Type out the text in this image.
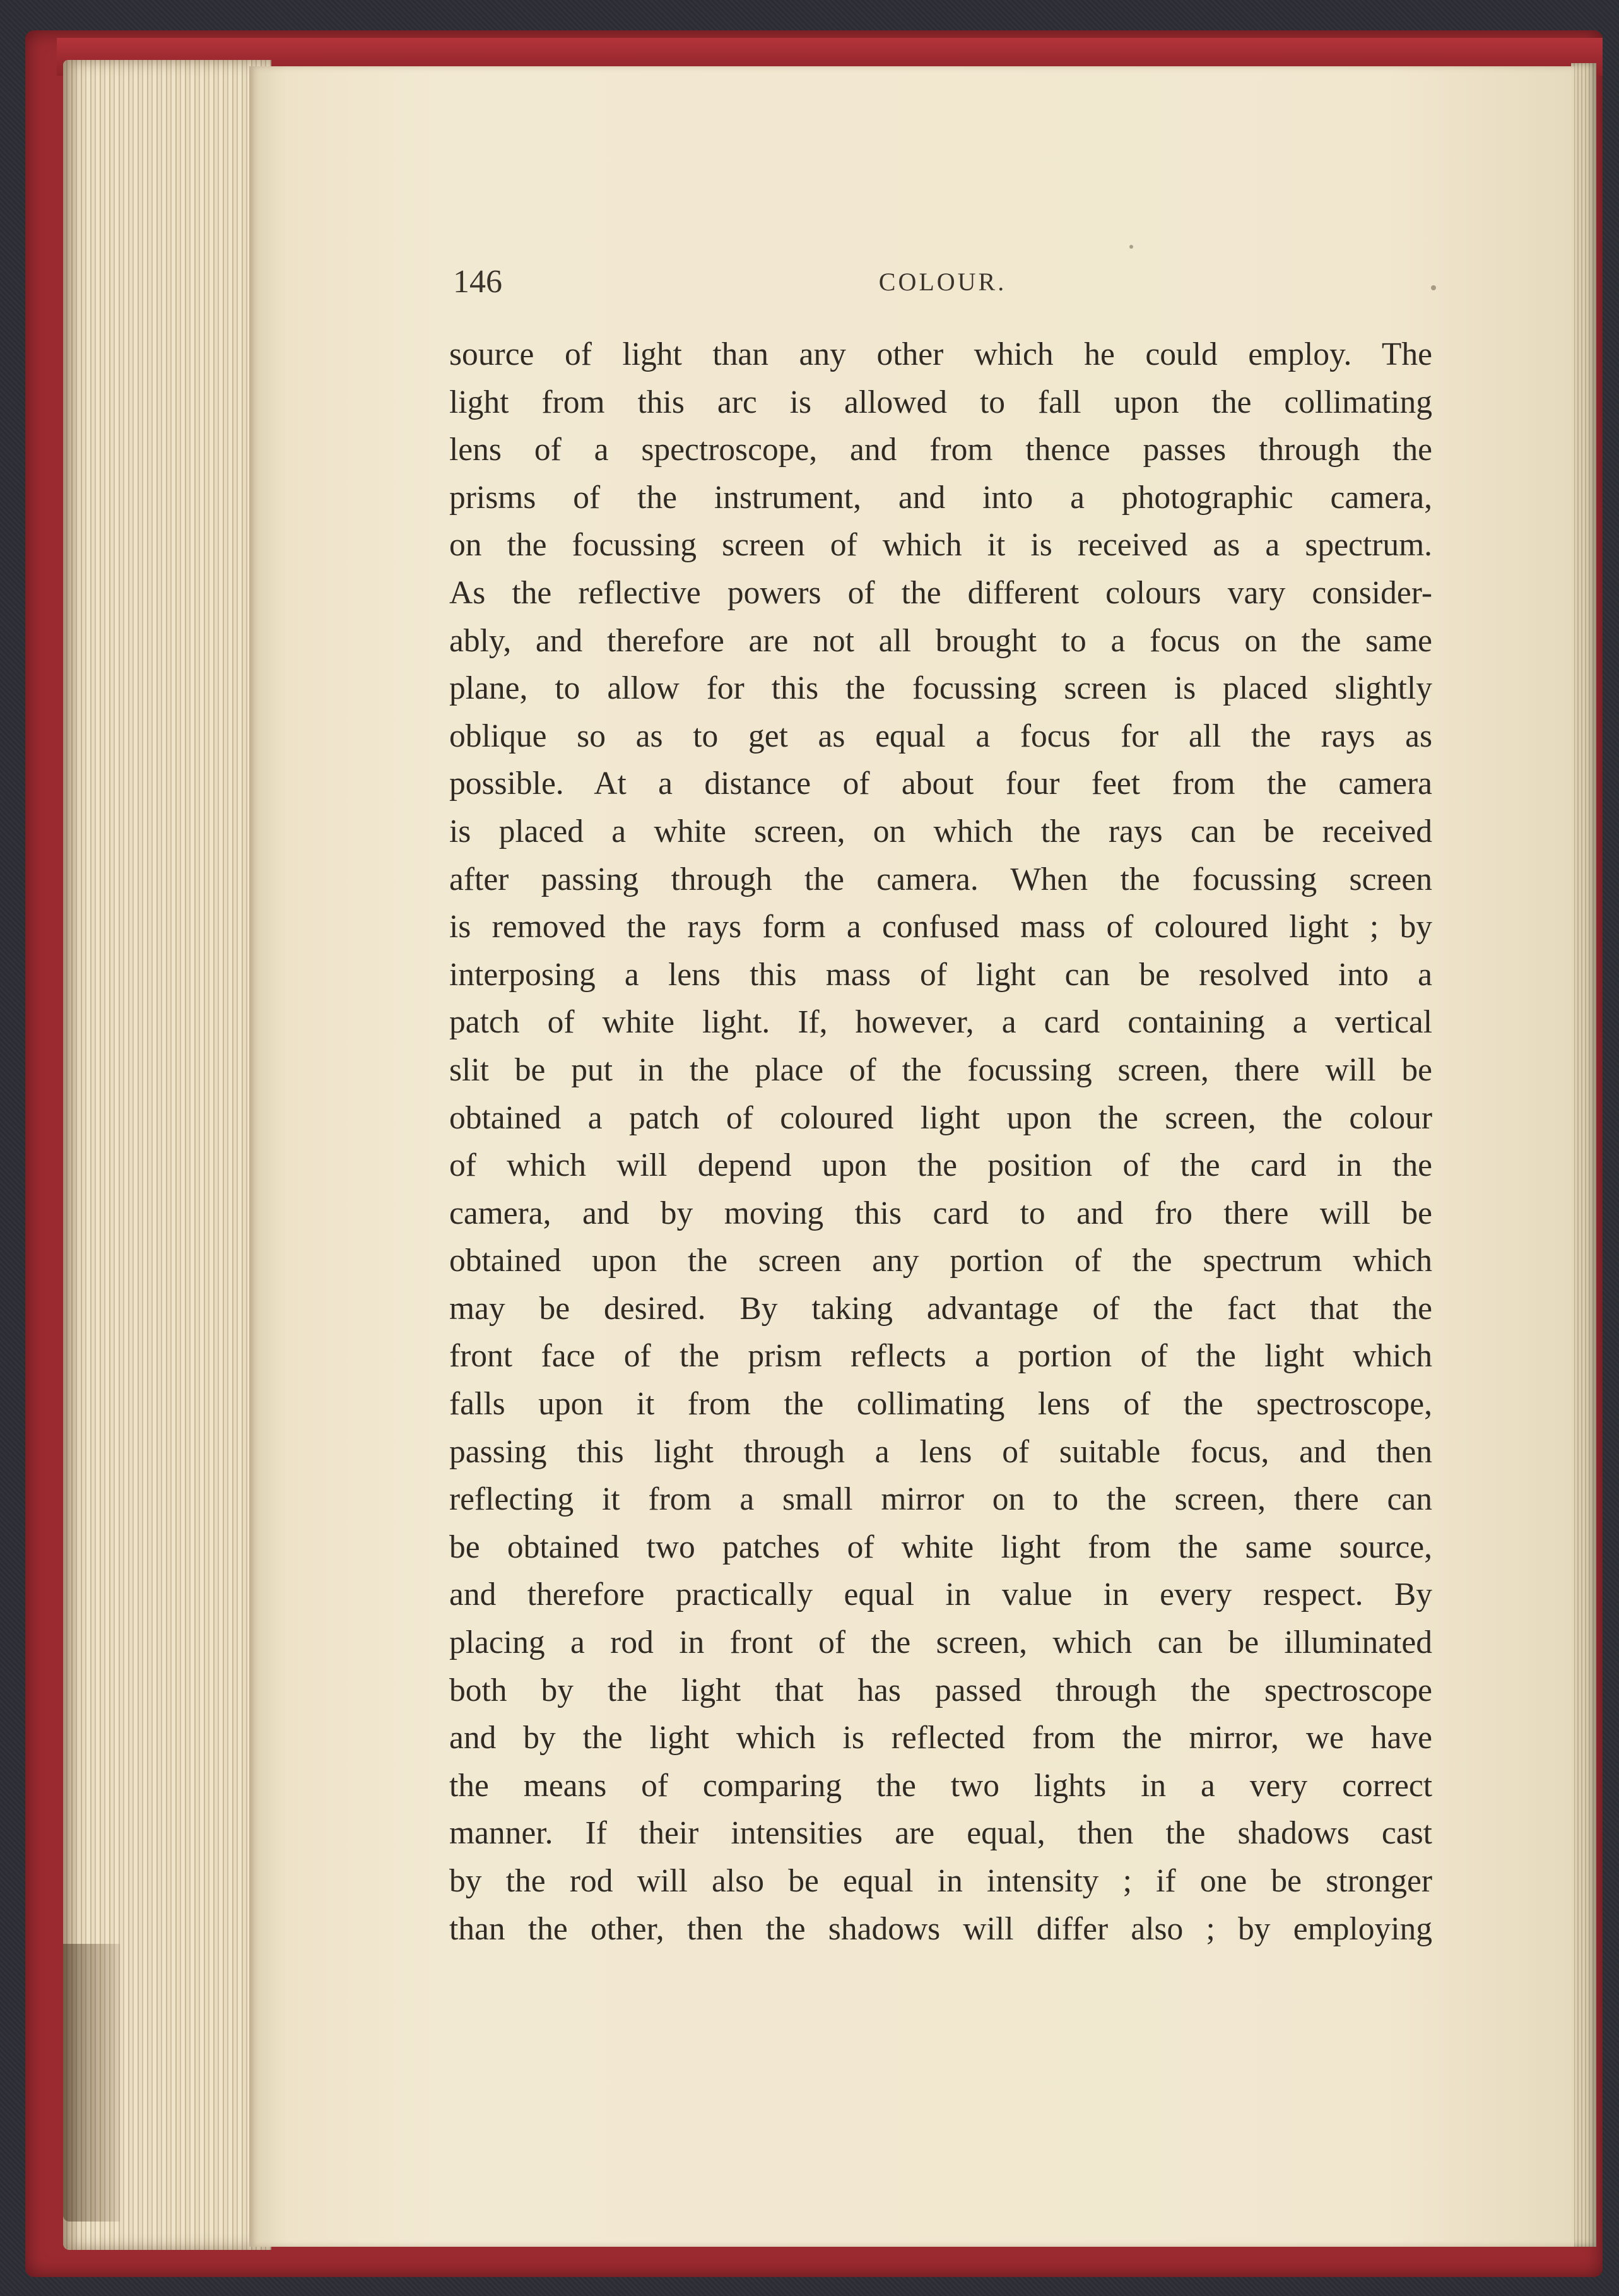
146	COLOUR.
source of light than any other which he could employ. The
light from this arc is allowed to fall upon the collimating
lens of a spectroscope, and from thence passes through the
prisms of the instrument, and into a photographic camera,
on the focussing screen of which it is received as a spectrum.
As the reflective powers of the different colours vary consider-
ably, and therefore are not all brought to a focus on the same
plane, to allow for this the focussing screen is placed slightly
oblique so as to get as equal a focus for all the rays as
possible. At a distance of about four feet from the camera
is placed a white screen, on which the rays can be received
after passing through the camera. When the focussing screen
is removed the rays form a confused mass of coloured light ; by
interposing a lens this mass of light can be resolved into a
patch of white light. If, however, a card containing a vertical
slit be put in the place of the focussing screen, there will be
obtained a patch of coloured light upon the screen, the colour
of which will depend upon the position of the card in the
camera, and by moving this card to and fro there will be
obtained upon the screen any portion of the spectrum which
may be desired. By taking advantage of the fact that the
front face of the prism reflects a portion of the light which
falls upon it from the collimating lens of the spectroscope,
passing this light through a lens of suitable focus, and then
reflecting it from a small mirror on to the screen, there can
be obtained two patches of white light from the same source,
and therefore practically equal in value in every respect. By
placing a rod in front of the screen, which can be illuminated
both by the light that has passed through the spectroscope
and by the light which is reflected from the mirror, we have
the means of comparing the two lights in a very correct
manner. If their intensities are equal, then the shadows cast
by the rod will also be equal in intensity ; if one be stronger
than the other, then the shadows will differ also ; by employing
